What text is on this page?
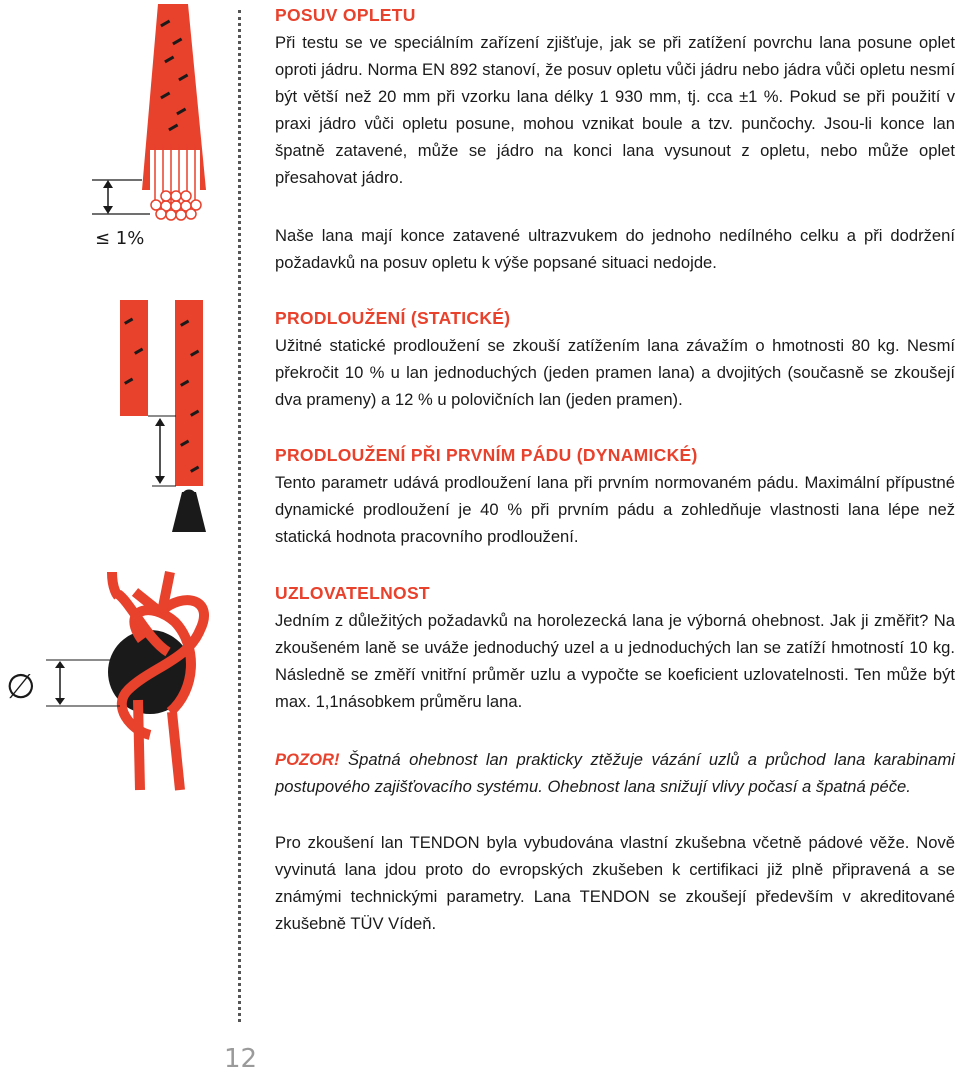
≤ 1%
∅
POSUV OPLETU

Při testu se ve speciálním zařízení zjišťuje, jak se při zatížení povrchu lana posune oplet oproti jádru. Norma EN 892 stanoví, že posuv opletu vůči jádru nebo jádra vůči opletu nesmí být větší než 20 mm při vzorku lana délky 1 930 mm, tj. cca ±1 %. Pokud se při použití v praxi jádro vůči opletu posune, mohou vznikat boule a tzv. punčochy. Jsou-li konce lan špatně zatavené, může se jádro na konci lana vysunout z opletu, nebo může oplet přesahovat jádro.

Naše lana mají konce zatavené ultrazvukem do jednoho nedílného celku a při dodržení požadavků na posuv opletu k výše popsané situaci nedojde.

PRODLOUŽENÍ (STATICKÉ)

Užitné statické prodloužení se zkouší zatížením lana závažím o hmotnosti 80 kg. Nesmí překročit 10 % u lan jednoduchých (jeden pramen lana) a dvojitých (současně se zkoušejí dva prameny) a 12 % u polovičních lan (jeden pramen).

PRODLOUŽENÍ PŘI PRVNÍM PÁDU (DYNAMICKÉ)

Tento parametr udává prodloužení lana při prvním normovaném pádu. Maximální přípustné dynamické prodloužení je 40 % při prvním pádu a zohledňuje vlastnosti lana lépe než statická hodnota pracovního prodloužení.

UZLOVATELNOST

Jedním z důležitých požadavků na horolezecká lana je výborná ohebnost. Jak ji změřit? Na zkoušeném laně se uváže jednoduchý uzel a u jednoduchých lan se zatíží hmotností 10 kg. Následně se změří vnitřní průměr uzlu a vypočte se koeficient uzlovatelnosti. Ten může být max. 1,1násobkem průměru lana.

POZOR! Špatná ohebnost lan prakticky ztěžuje vázání uzlů a průchod lana karabinami postupového zajišťovacího systému. Ohebnost lana snižují vlivy počasí a špatná péče.

Pro zkoušení lan TENDON byla vybudována vlastní zkušebna včetně pádové věže. Nově vyvinutá lana jdou proto do evropských zkušeben k certifikaci již plně připravená a se známými technickými parametry. Lana TENDON se zkoušejí především v akreditované zkušebně TÜV Vídeň.

12
